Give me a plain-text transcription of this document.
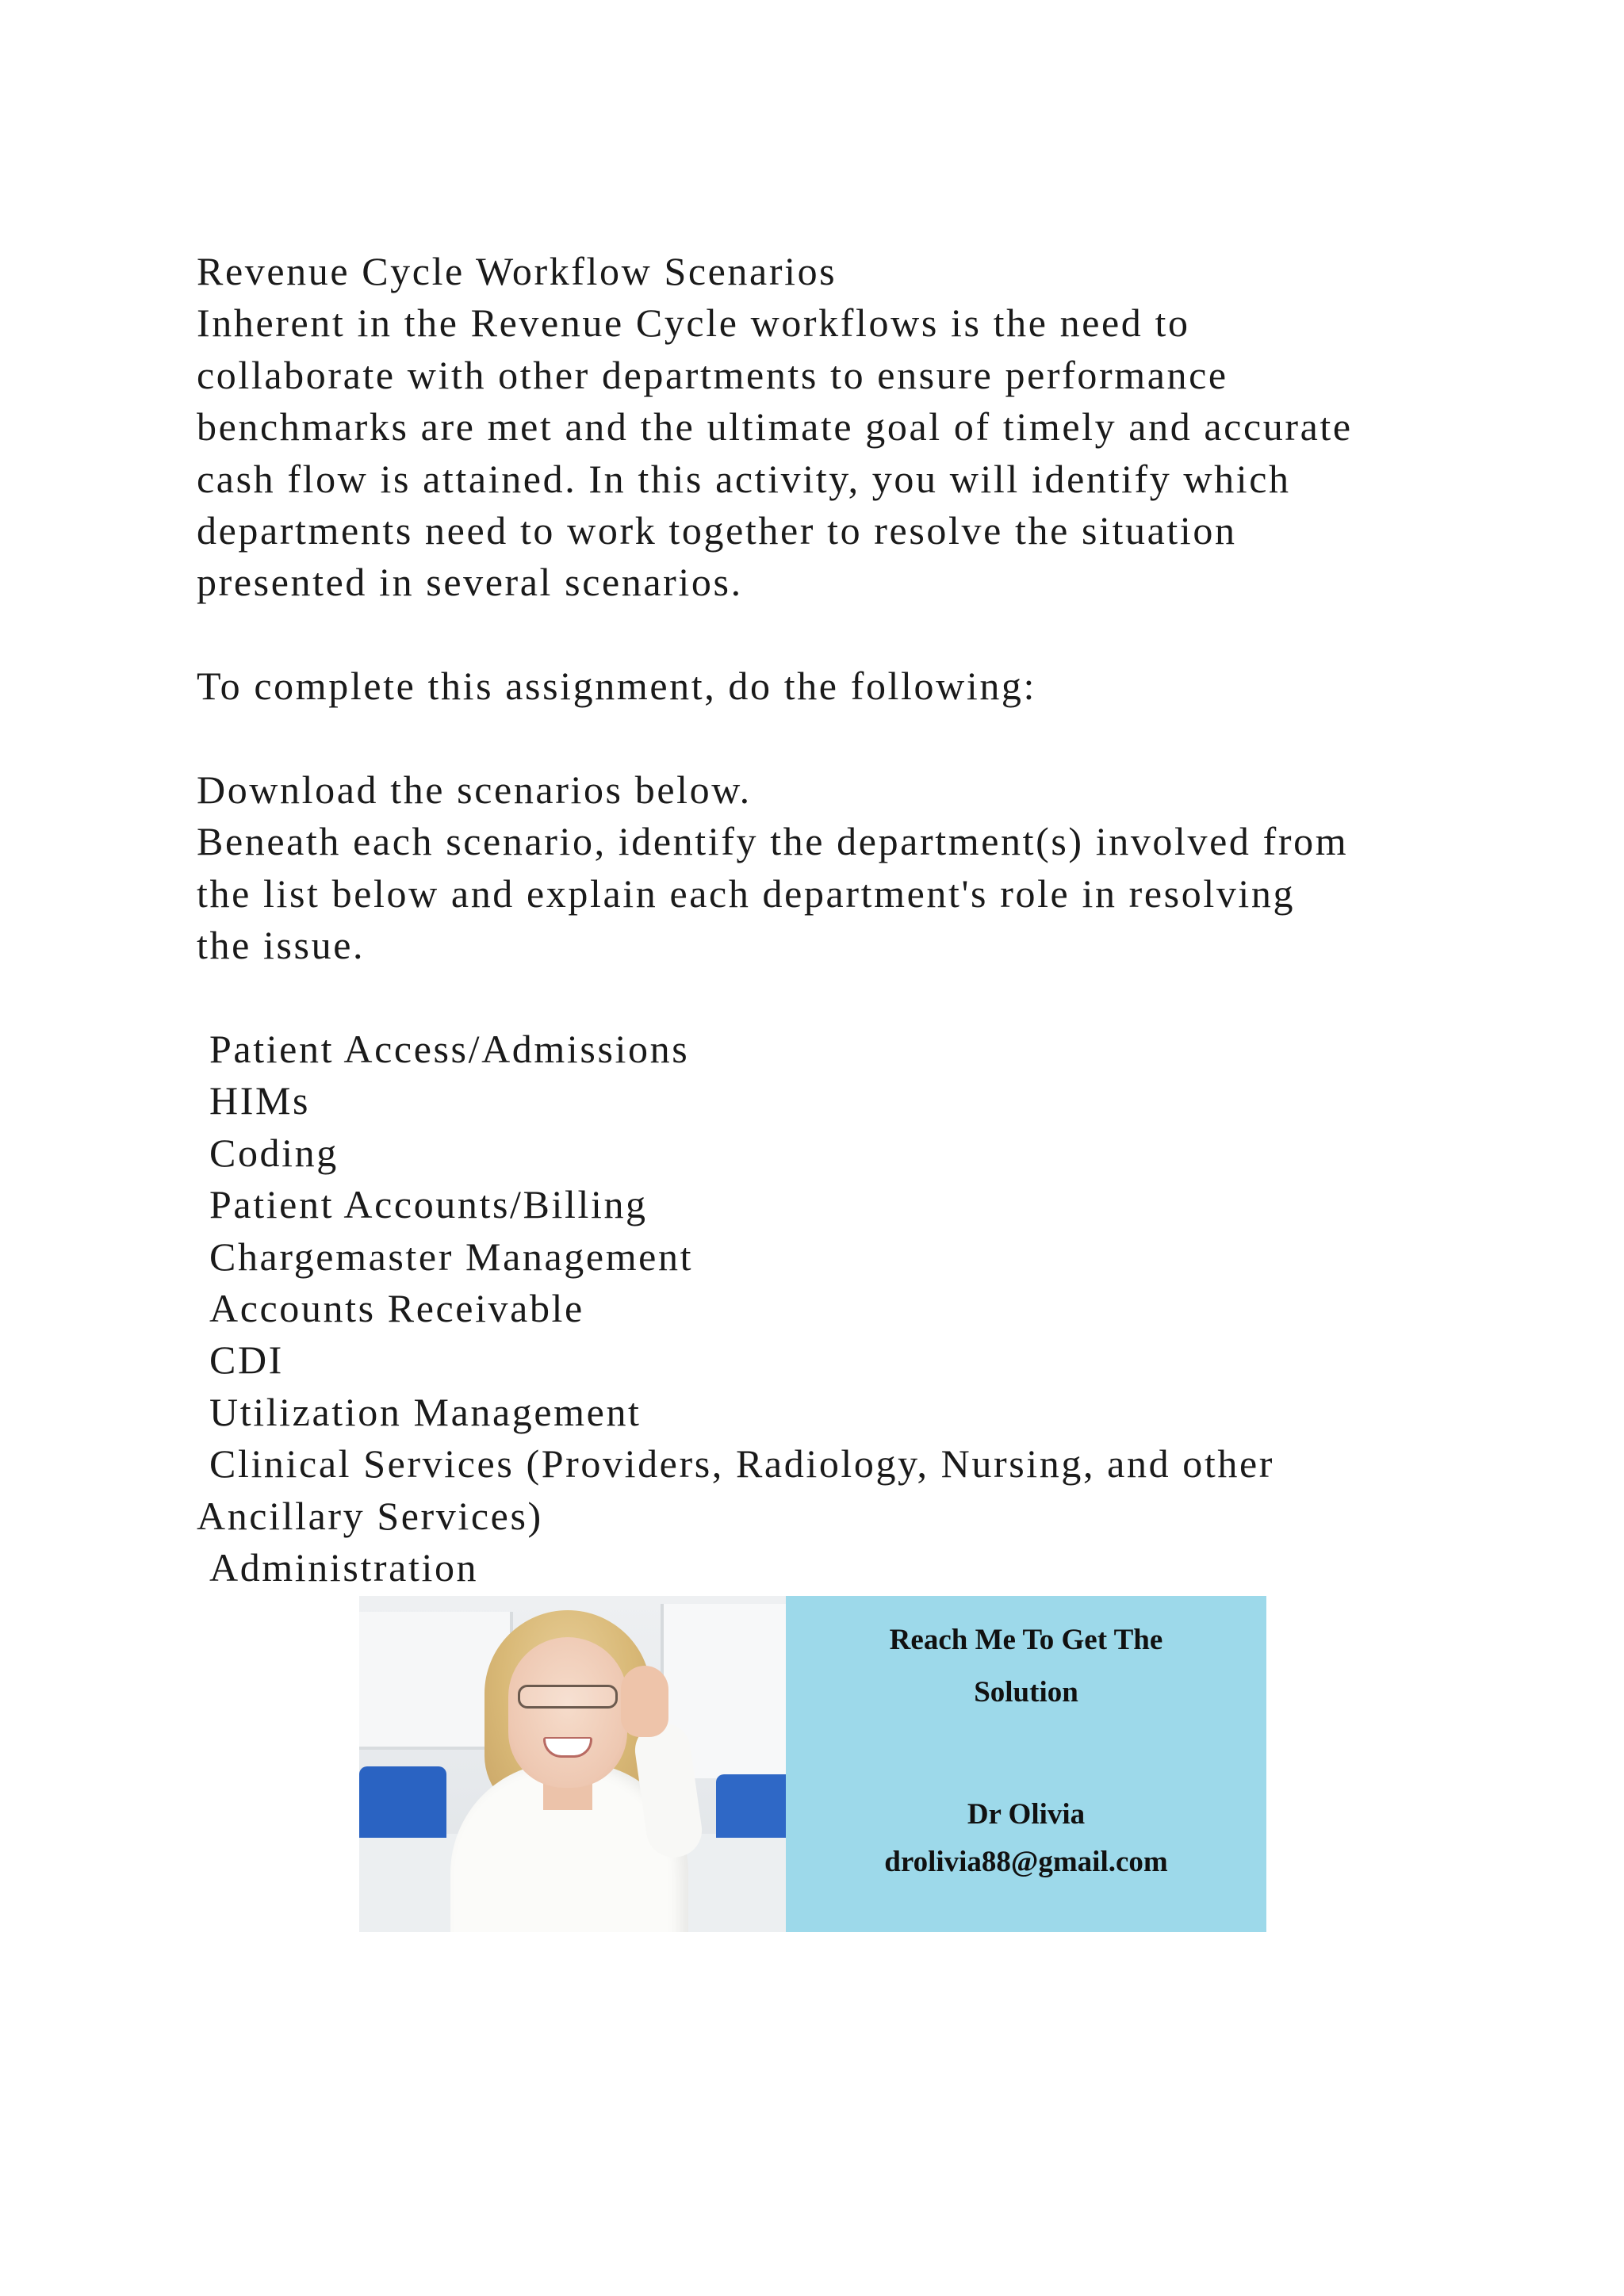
Revenue Cycle Workflow Scenarios
Inherent in the Revenue Cycle workflows is the need to
collaborate with other departments to ensure performance
benchmarks are met and the ultimate goal of timely and accurate
cash flow is attained. In this activity, you will identify which
departments need to work together to resolve the situation
presented in several scenarios.
To complete this assignment, do the following:
Download the scenarios below.
Beneath each scenario, identify the department(s) involved from
the list below and explain each department's role in resolving
the issue.
Patient Access/Admissions
HIMs
Coding
Patient Accounts/Billing
Chargemaster Management
Accounts Receivable
CDI
Utilization Management
Clinical Services (Providers, Radiology, Nursing, and other
Ancillary Services)
Administration
Reach Me To Get The
Solution
Dr Olivia
drolivia88@gmail.com
